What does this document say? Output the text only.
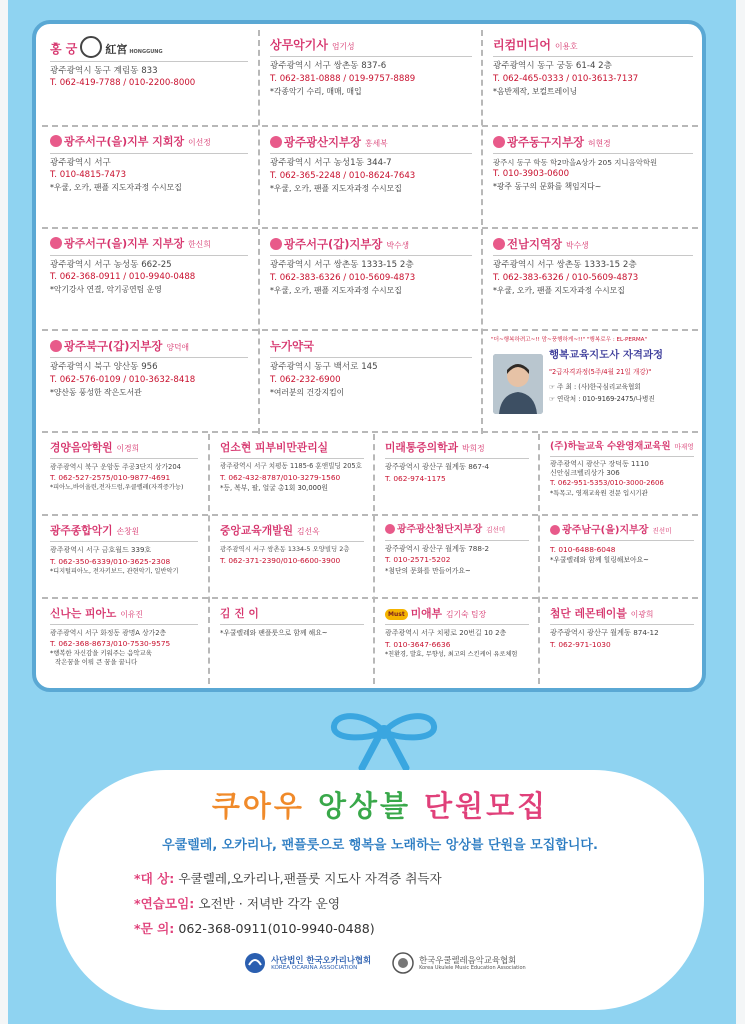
홍 궁	紅宮 HONGGUNG
광주광역시 동구 계림동 833
T. 062-419-7788 / 010-2200-8000
상무악기사 엄기성
광주광역시 서구 쌍촌동 837-6
T. 062-381-0888 / 019-9757-8889
*각종악기 수리, 매매, 매입
리컴미디어 이용호
광주광역시 동구 궁동 61-4 2층
T. 062-465-0333 / 010-3613-7137
*음반제작, 보컬트레이닝
광주서구(을)지부 지회장 이선정
광주광역시 서구
T. 010-4815-7473
*우쿨, 오카, 팬플 지도자과정 수시모집
광주광산지부장 홍세복
광주광역시 서구 농성1동 344-7
T. 062-365-2248 / 010-8624-7643
*우쿨, 오카, 팬플 지도자과정 수시모집
광주동구지부장 허현경
광주시 동구 학동 학2마을A상가 205 지니음악학원
T. 010-3903-0600
*광주 동구의 문화를 책임지다~
광주서구(을)지부 지부장 한신희
광주광역시 서구 농성동 662-25
T. 062-368-0911 / 010-9940-0488
*악기강사 연결, 악기공연팀 운영
광주서구(갑)지부장 박수생
광주광역시 서구 쌍촌동 1333-15 2층
T. 062-383-6326 / 010-5609-4873
*우쿨, 오카, 팬플 지도자과정 수시모집
전남지역장 박수생
광주광역시 서구 쌍촌동 1333-15 2층
T. 062-383-6326 / 010-5609-4873
*우쿨, 오카, 팬플 지도자과정 수시모집
광주북구(갑)지부장 양덕애
광주광역시 북구 양산동 956
T. 062-576-0109 / 010-3632-8418
*양산동 풍성한 작은도서관
누가약국
광주광역시 동구 백서로 145
T. 062-232-6900
*여러분의 건강지킴이
"더~행복하려고~!! 맘~풍행하게~!!" "행복로우 : EL-PERMA"
행복교육지도사 자격과정
"2급자격과정(5주/4월 21일 개강)"
☞ 주 최 : (사)한국심리교육협회
☞ 연락처 : 010-9169-2475/나병진
경양음악학원 이경희
광주광역시 북구 운암동 주공3단지 상가204
T. 062-527-2575/010-9877-4691
*피아노,바이올린,전자드럼,우클렐레(자격증가능)
엄소현 피부비만관리실
광주광역시 서구 치평동 1185-6 훈앤빌딩 205호
T. 062-432-8787/010-3279-1560
*등, 복부, 팔, 얼굴 총1회 30,000원
미래통증의학과 박희정
광주광역시 광산구 월계동 867-4
T. 062-974-1175
(주)하늘교육 수완영재교육원 마재영
광주광역시 광산구 장덕동 1110
신안심크벨리상가 306
T. 062-951-5353/010-3000-2606
*특목고, 영재교육원 전문 입시기관
광주종합악기 손창원
광주광역시 서구 금호월드 339호
T. 062-350-6339/010-3625-2308
*디지털피아노, 전자키보드, 관현악기, 일반악기
중앙교육개발원 김선옥
광주광역시 서구 쌍촌동 1334-5 오양빌딩 2층
T. 062-371-2390/010-6600-3900
광주광산첨단지부장 김선미
광주광역시 광산구 월계동 788-2
T. 010-2571-5202
*첨단의 문화를 만들어가요~
광주남구(을)지부장 진선미
T. 010-6488-6048
*우쿨렐레와 함께 힐링해보아요~
신나는 피아노 이유진
광주광역시 서구 화정동 광명A 상가2층
T. 062-368-8673/010-7530-9575
*행복한 자신감을 키워주는 음악교육
작은꿈을 이뤄 큰 꿈을 꿉니다
김 진 이
*우쿨렐레와 팬플룻으로 함께 해요~
Must 미애부 김기숙 팀장
광주광역시 서구 치평로 20번길 10 2층
T. 010-3647-6636
*친환경, 발효, 무향성, 최고의 스킨케어 유로체험
첨단 레몬테이블 이광희
광주광역시 광산구 월계동 874-12
T. 062-971-1030
쿠아우 앙상블 단원모집
우쿨렐레, 오카리나, 팬플룻으로 행복을 노래하는 앙상블 단원을 모집합니다.
*대 상: 우쿨렐레,오카리나,팬플룻 지도사 자격증 취득자
*연습모임: 오전반 · 저녁반 각각 운영
*문 의: 062-368-0911(010-9940-0488)

사단법인 한국오카리나협회
KOREA OCARINA ASSOCIATION

한국우쿨렐레음악교육협회
Korea Ukulele Music Education Association
